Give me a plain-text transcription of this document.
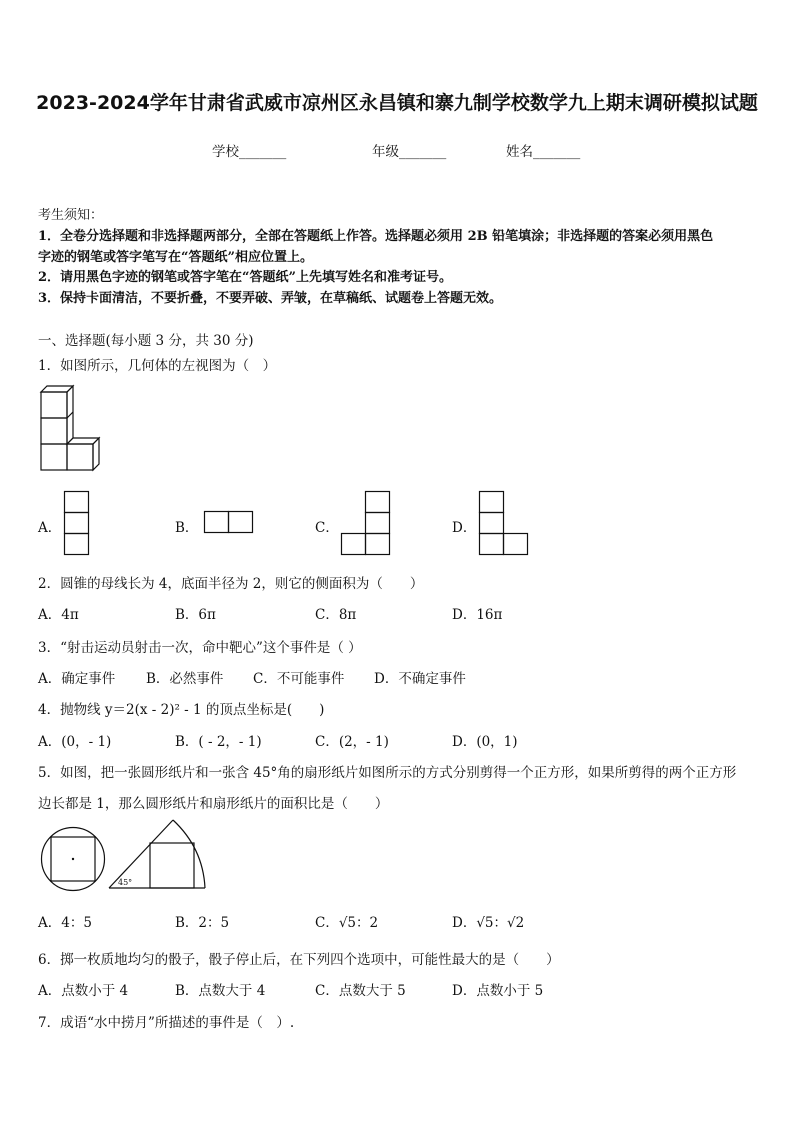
2023-2024学年甘肃省武威市凉州区永昌镇和寨九制学校数学九上期末调研模拟试题
学校_______	年级_______	姓名_______
考生须知：
1．全卷分选择题和非选择题两部分，全部在答题纸上作答。选择题必须用 2B 铅笔填涂；非选择题的答案必须用黑色
字迹的钢笔或答字笔写在“答题纸”相应位置上。
2．请用黑色字迹的钢笔或答字笔在“答题纸”上先填写姓名和准考证号。
3．保持卡面清洁，不要折叠，不要弄破、弄皱，在草稿纸、试题卷上答题无效。
一、选择题(每小题 3 分，共 30 分)
1．如图所示，几何体的左视图为（　）
A．	B．	C．	D．
2．圆锥的母线长为 4，底面半径为 2，则它的侧面积为（　　）
A．4π	B．6π	C．8π	D．16π
3．“射击运动员射击一次，命中靶心”这个事件是（ ）
A．确定事件 B．必然事件 C．不可能事件 D．不确定事件
4．抛物线 y＝2(x - 2)² - 1 的顶点坐标是(　　)
A．(0，- 1)	B．( - 2，- 1)	C．(2，- 1)	D．(0，1)
5．如图，把一张圆形纸片和一张含 45°角的扇形纸片如图所示的方式分别剪得一个正方形，如果所剪得的两个正方形
边长都是 1，那么圆形纸片和扇形纸片的面积比是（　　）
45°
A．4：5	B．2：5	C．√5：2	D．√5：√2
6．掷一枚质地均匀的骰子，骰子停止后，在下列四个选项中，可能性最大的是（　　）
A．点数小于 4	B．点数大于 4	C．点数大于 5	D．点数小于 5
7．成语“水中捞月”所描述的事件是（　）.
